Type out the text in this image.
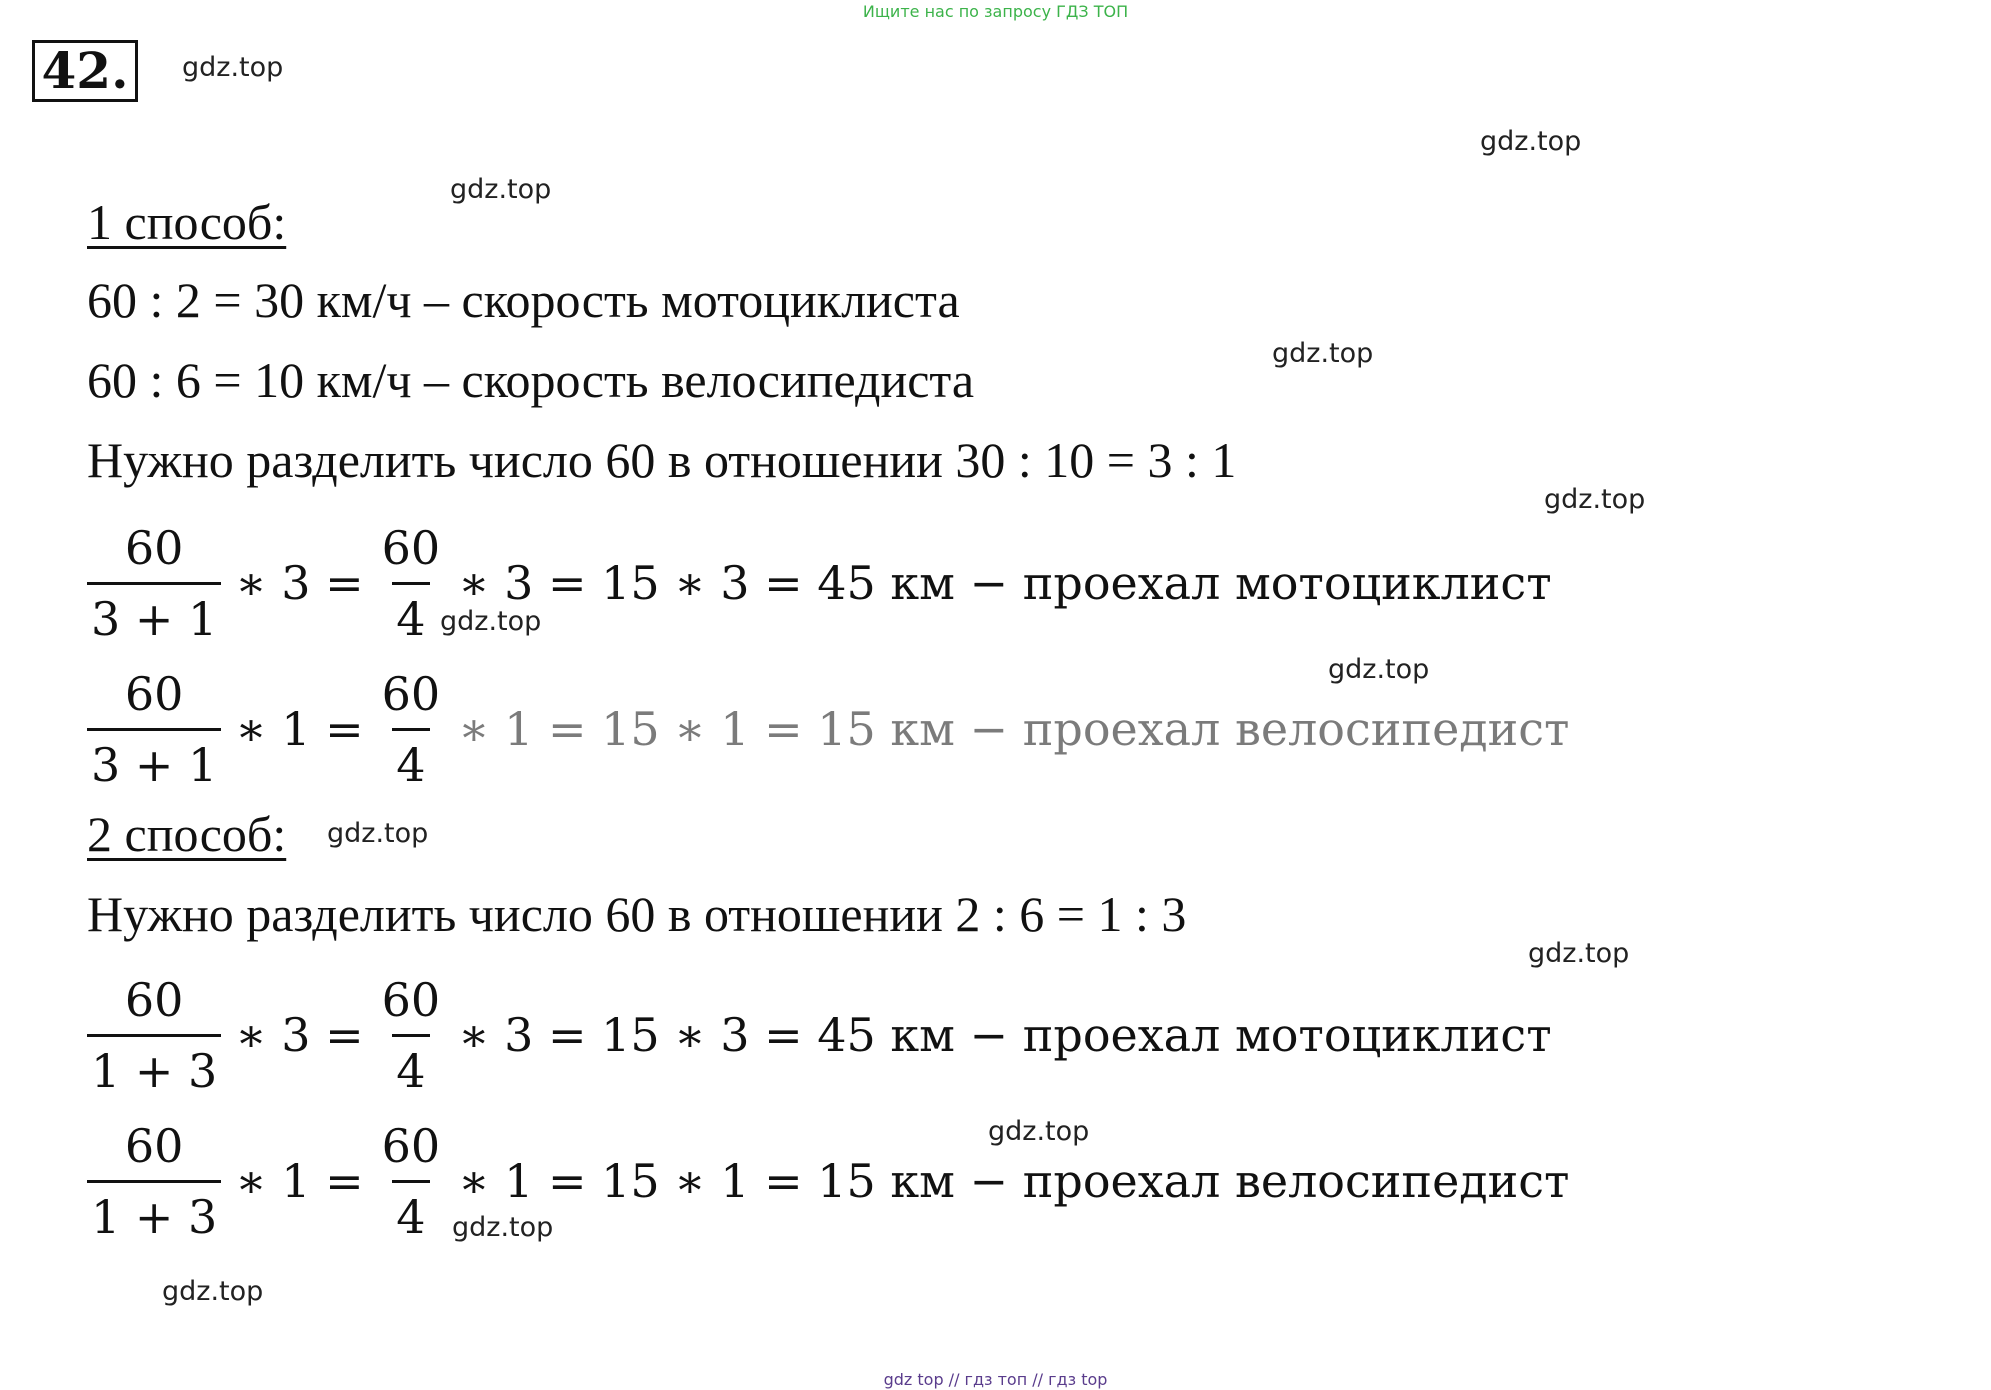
Ищите нас по запросу ГДЗ ТОП
42.	gdz.top
gdz.top
gdz.top
gdz.top
gdz.top
gdz.top
gdz.top
gdz.top
gdz.top
gdz.top
gdz.top
gdz.top
1 способ:
60 : 2 = 30 км/ч – скорость мотоциклиста
60 : 6 = 10 км/ч – скорость велосипедиста
Нужно разделить число 60 в отношении 30 : 10 = 3 : 1
$\frac{60}{3 + 1}$ ∗ $3 = \frac{60}{4}$ ∗ 3 = 15 ∗ 3 = 45 км − проехал мотоциклист
$\frac{60}{3 + 1}$ ∗ $1 = \frac{60}{4}$ ∗ 1 = 15 ∗ 1 = 15 км − проехал велосипедист
2 способ:
Нужно разделить число 60 в отношении 2 : 6 = 1 : 3
$\frac{60}{1 + 3}$ ∗ $3 = \frac{60}{4}$ ∗ 3 = 15 ∗ 3 = 45 км − проехал мотоциклист
$\frac{60}{1 + 3}$ ∗ $1 = \frac{60}{4}$ ∗ 1 = 15 ∗ 1 = 15 км − проехал велосипедист
gdz top // гдз топ // гдз top
